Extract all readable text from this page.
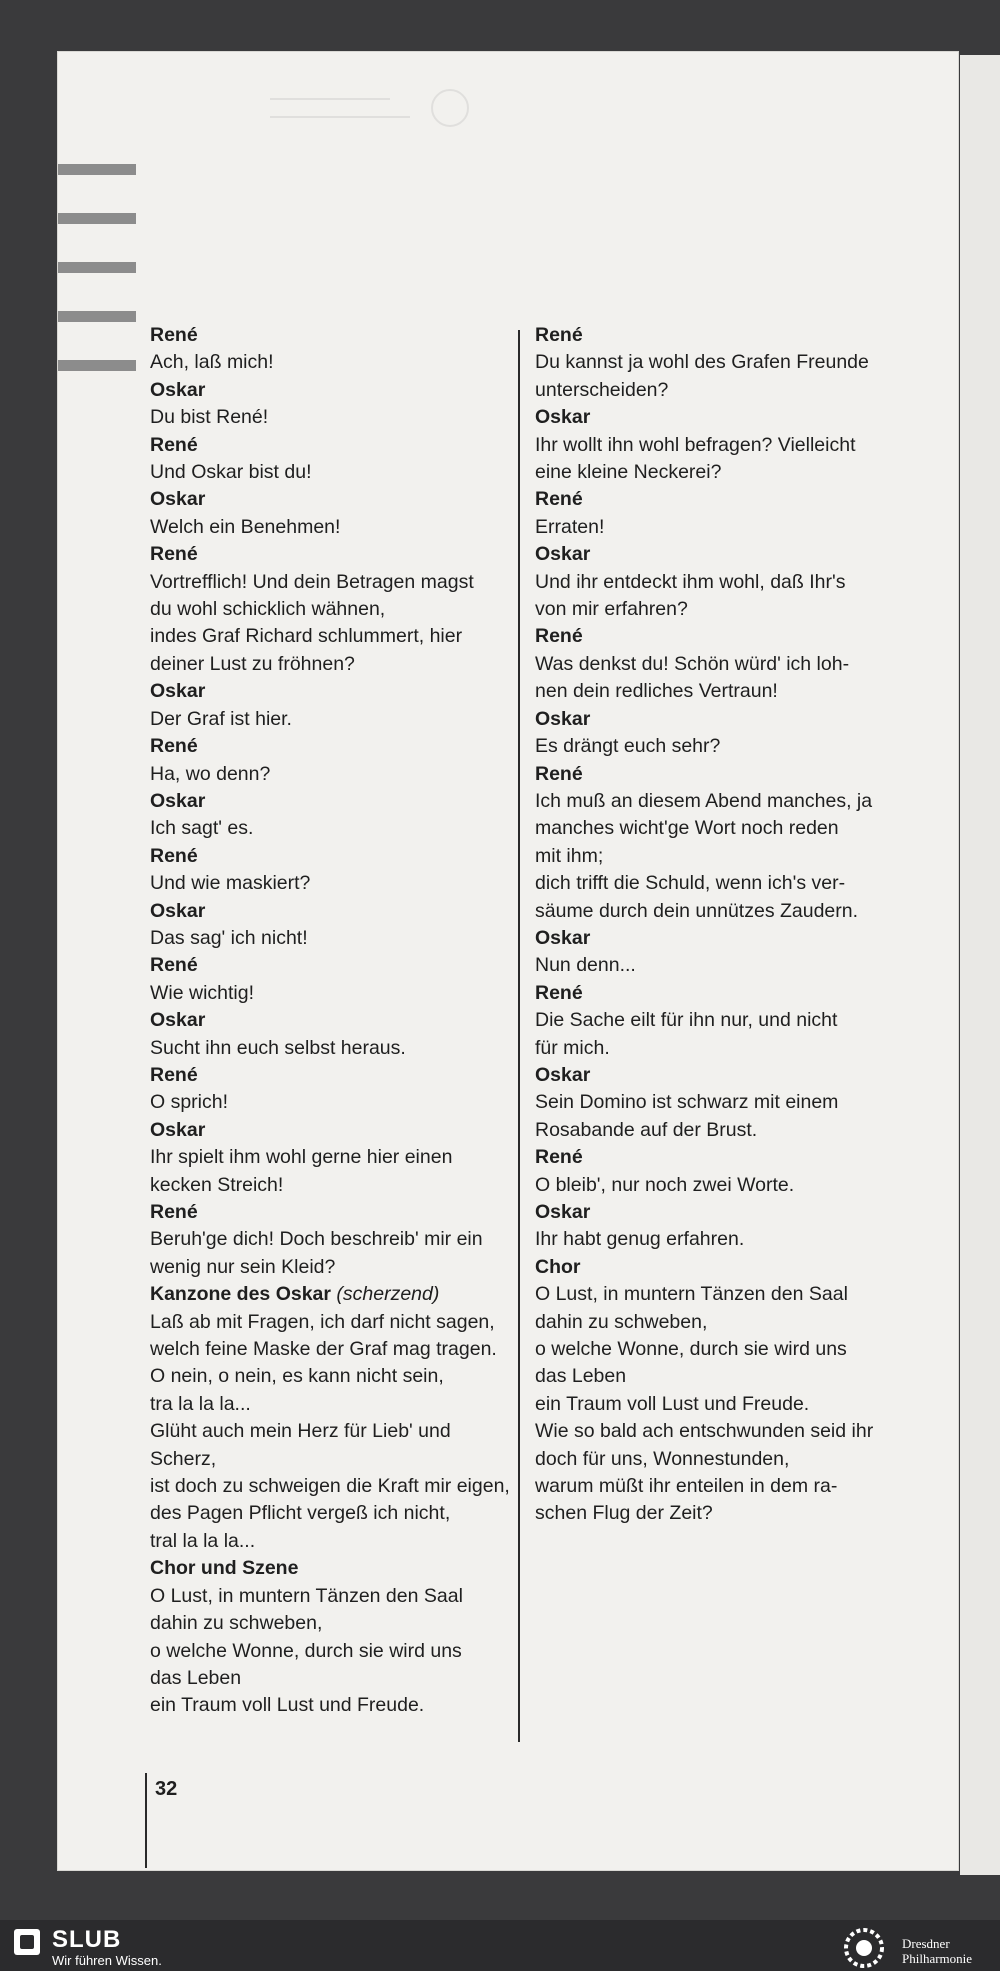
René
Ach, laß mich!
Oskar
Du bist René!
René
Und Oskar bist du!
Oskar
Welch ein Benehmen!
René
Vortrefflich! Und dein Betragen magst
du wohl schicklich wähnen,
indes Graf Richard schlummert, hier
deiner Lust zu fröhnen?
Oskar
Der Graf ist hier.
René
Ha, wo denn?
Oskar
Ich sagt' es.
René
Und wie maskiert?
Oskar
Das sag' ich nicht!
René
Wie wichtig!
Oskar
Sucht ihn euch selbst heraus.
René
O sprich!
Oskar
Ihr spielt ihm wohl gerne hier einen
kecken Streich!
René
Beruh'ge dich! Doch beschreib' mir ein
wenig nur sein Kleid?
Kanzone des Oskar (scherzend)
Laß ab mit Fragen, ich darf nicht sagen,
welch feine Maske der Graf mag tragen.
O nein, o nein, es kann nicht sein,
tra la la la...
Glüht auch mein Herz für Lieb' und
Scherz,
ist doch zu schweigen die Kraft mir eigen,
des Pagen Pflicht vergeß ich nicht,
tral la la la...
Chor und Szene
O Lust, in muntern Tänzen den Saal
dahin zu schweben,
o welche Wonne, durch sie wird uns
das Leben
ein Traum voll Lust und Freude.
René
Du kannst ja wohl des Grafen Freunde
unterscheiden?
Oskar
Ihr wollt ihn wohl befragen? Vielleicht
eine kleine Neckerei?
René
Erraten!
Oskar
Und ihr entdeckt ihm wohl, daß Ihr's
von mir erfahren?
René
Was denkst du! Schön würd' ich loh-
nen dein redliches Vertraun!
Oskar
Es drängt euch sehr?
René
Ich muß an diesem Abend manches, ja
manches wicht'ge Wort noch reden
mit ihm;
dich trifft die Schuld, wenn ich's ver-
säume durch dein unnützes Zaudern.
Oskar
Nun denn...
René
Die Sache eilt für ihn nur, und nicht
für mich.
Oskar
Sein Domino ist schwarz mit einem
Rosabande auf der Brust.
René
O bleib', nur noch zwei Worte.
Oskar
Ihr habt genug erfahren.
Chor
O Lust, in muntern Tänzen den Saal
dahin zu schweben,
o welche Wonne, durch sie wird uns
das Leben
ein Traum voll Lust und Freude.
Wie so bald ach entschwunden seid ihr
doch für uns, Wonnestunden,
warum müßt ihr enteilen in dem ra-
schen Flug der Zeit?
32
SLUB
Wir führen Wissen.
Dresdner
Philharmonie
